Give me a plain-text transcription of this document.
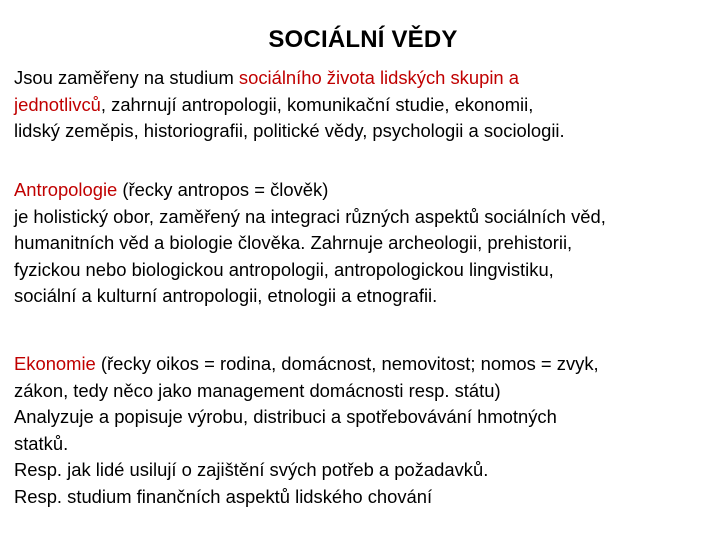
SOCIÁLNÍ VĚDY
Jsou zaměřeny na studium sociálního života lidských skupin a
jednotlivců, zahrnují antropologii, komunikační studie, ekonomii,
lidský zeměpis, historiografii, politické vědy, psychologii a sociologii.
Antropologie (řecky antropos = člověk)
je holistický obor, zaměřený na integraci různých aspektů sociálních věd,
humanitních věd a biologie člověka. Zahrnuje archeologii, prehistorii,
fyzickou nebo biologickou antropologii, antropologickou lingvistiku,
sociální a kulturní antropologii, etnologii a etnografii.
Ekonomie (řecky oikos = rodina, domácnost, nemovitost; nomos = zvyk,
zákon, tedy něco jako management domácnosti resp. státu)
Analyzuje a popisuje výrobu, distribuci a spotřebovávání hmotných
statků.
Resp. jak lidé usilují o zajištění svých potřeb a požadavků.
Resp. studium finančních aspektů lidského chování
